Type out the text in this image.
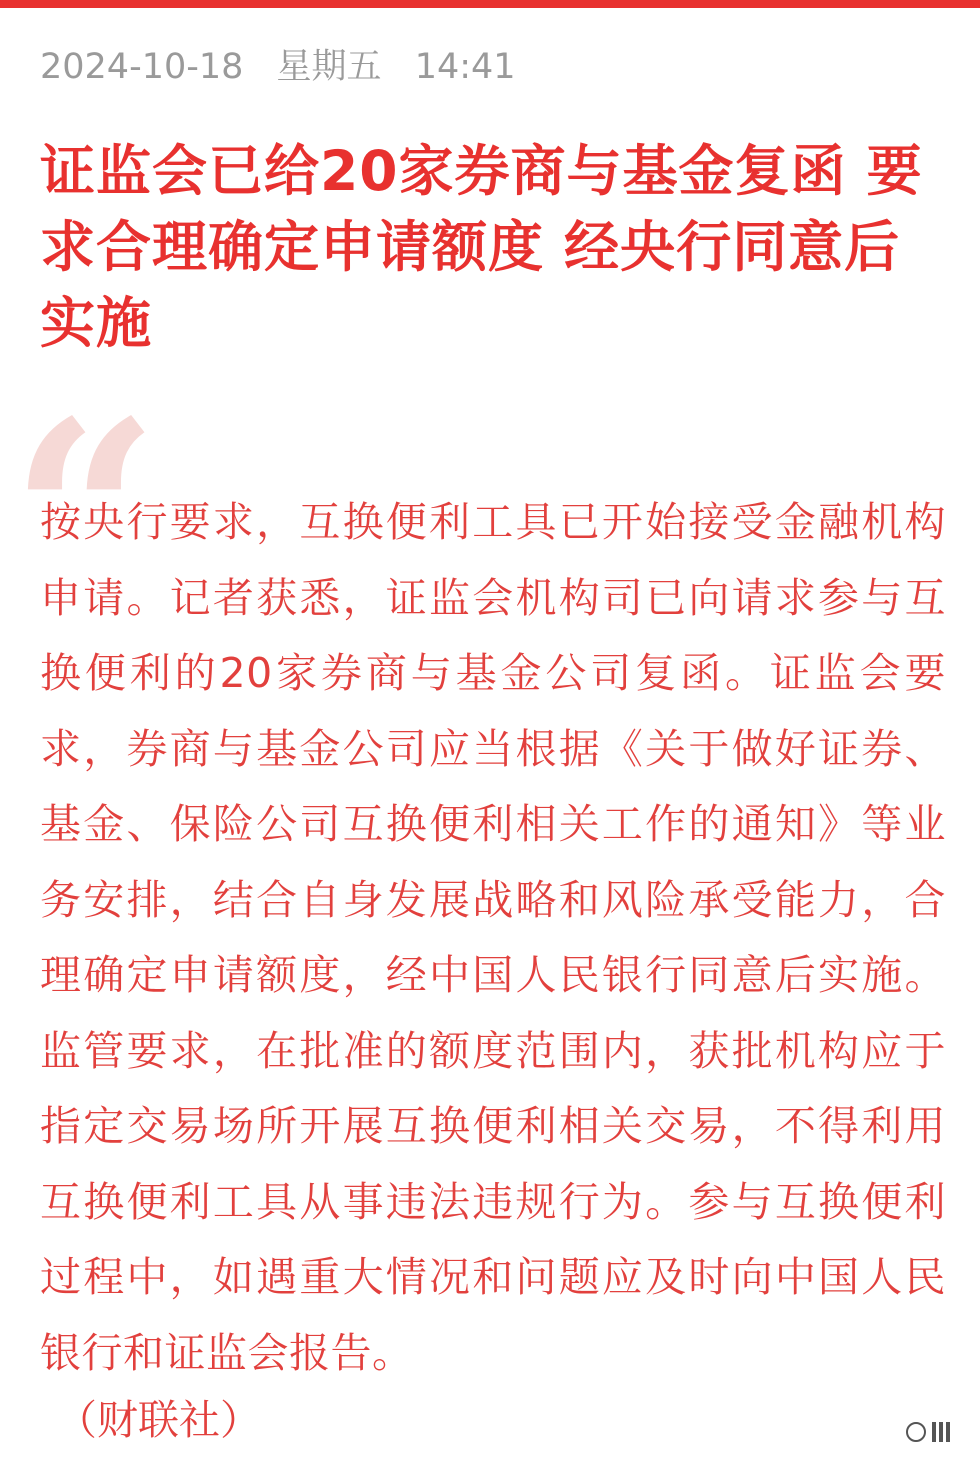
2024-10-18 星期五 14:41
证监会已给20家券商与基金复函 要求合理确定申请额度 经央行同意后实施
“

按央行要求，互换便利工具已开始接受金融机构申请。记者获悉，证监会机构司已向请求参与互换便利的20家券商与基金公司复函。证监会要求，券商与基金公司应当根据《关于做好证券、基金、保险公司互换便利相关工作的通知》等业务安排，结合自身发展战略和风险承受能力，合理确定申请额度，经中国人民银行同意后实施。监管要求，在批准的额度范围内，获批机构应于指定交易场所开展互换便利相关交易，不得利用互换便利工具从事违法违规行为。参与互换便利过程中，如遇重大情况和问题应及时向中国人民银行和证监会报告。

（财联社）
